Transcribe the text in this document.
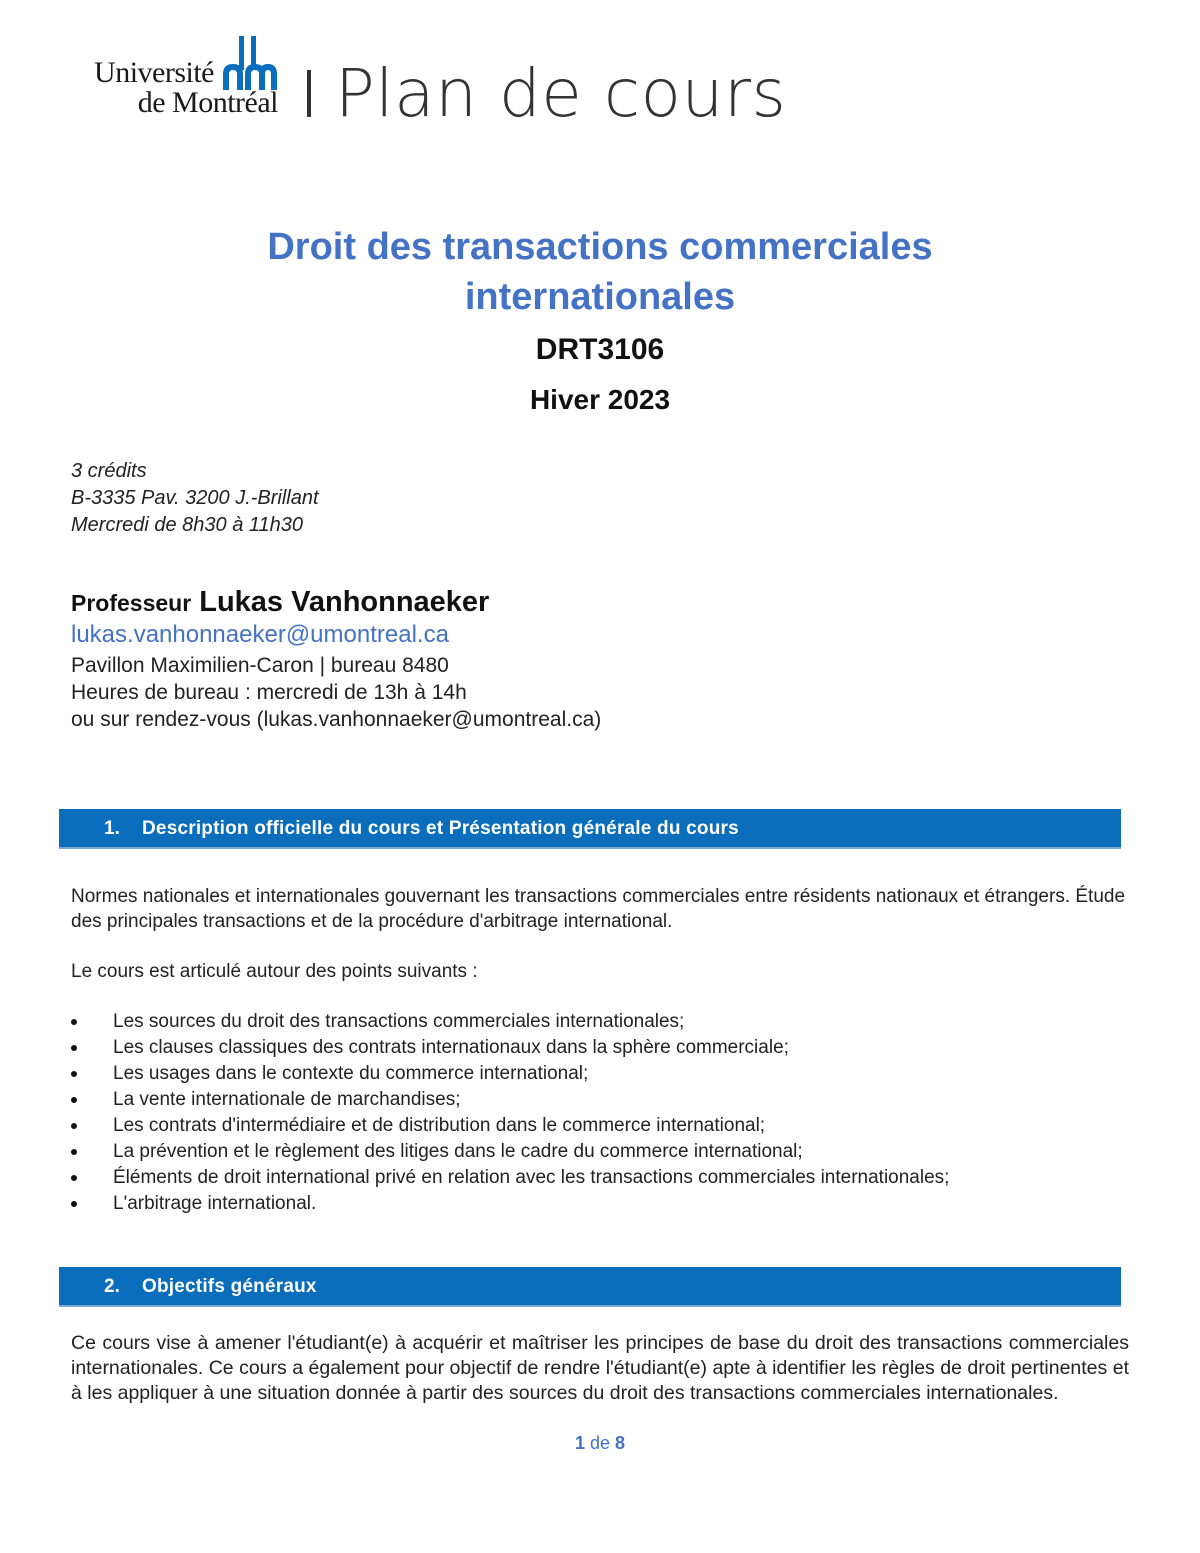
Université
de Montréal Plan de cours
Droit des transactions commerciales
internationales
DRT3106
Hiver 2023
3 crédits
B-3335 Pav. 3200 J.-Brillant
Mercredi de 8h30 à 11h30
Professeur Lukas Vanhonnaeker
lukas.vanhonnaeker@umontreal.ca
Pavillon Maximilien-Caron | bureau 8480
Heures de bureau : mercredi de 13h à 14h
ou sur rendez-vous (lukas.vanhonnaeker@umontreal.ca)
1. Description officielle du cours et Présentation générale du cours
Normes nationales et internationales gouvernant les transactions commerciales entre résidents nationaux et étrangers. Étude des principales transactions et de la procédure d'arbitrage international.
Le cours est articulé autour des points suivants :
Les sources du droit des transactions commerciales internationales;
Les clauses classiques des contrats internationaux dans la sphère commerciale;
Les usages dans le contexte du commerce international;
La vente internationale de marchandises;
Les contrats d'intermédiaire et de distribution dans le commerce international;
La prévention et le règlement des litiges dans le cadre du commerce international;
Éléments de droit international privé en relation avec les transactions commerciales internationales;
L'arbitrage international.
2. Objectifs généraux
Ce cours vise à amener l'étudiant(e) à acquérir et maîtriser les principes de base du droit des transactions commerciales internationales. Ce cours a également pour objectif de rendre l'étudiant(e) apte à identifier les règles de droit pertinentes et à les appliquer à une situation donnée à partir des sources du droit des transactions commerciales internationales.
1 de 8
